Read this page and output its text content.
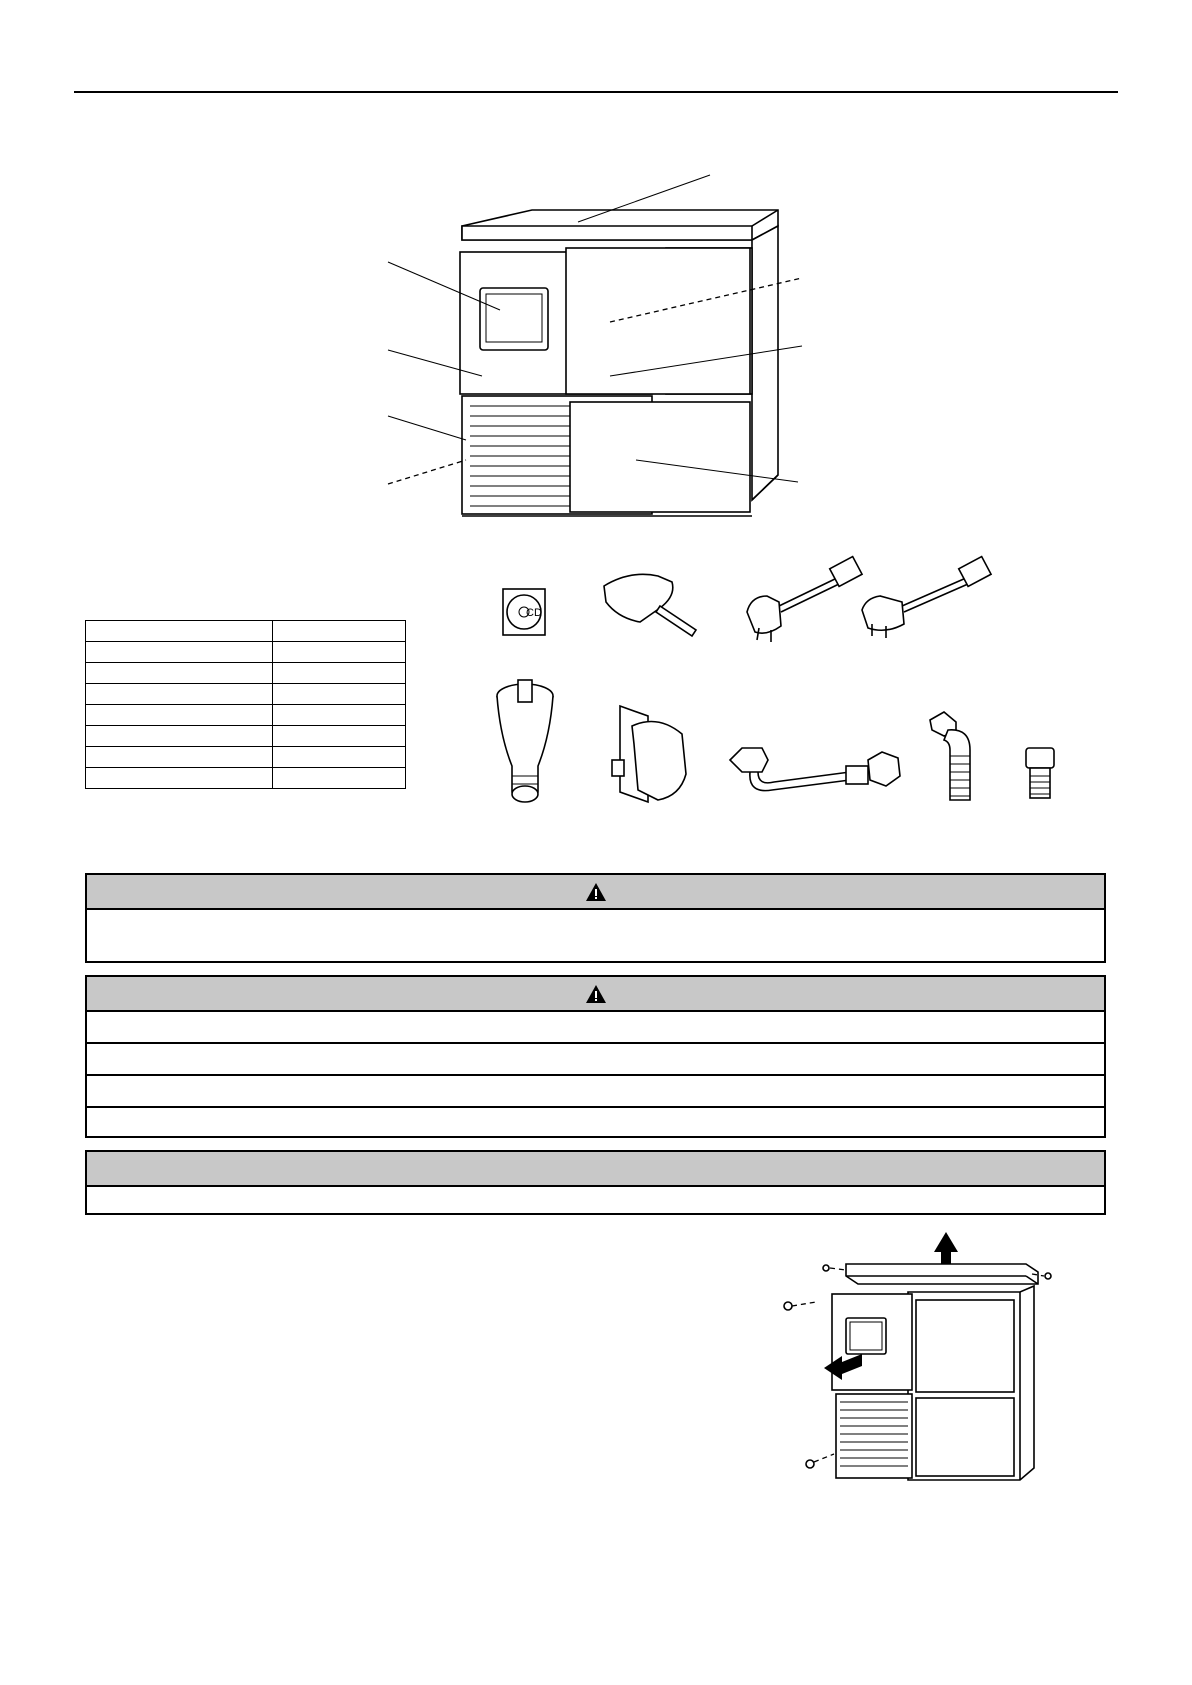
CD
